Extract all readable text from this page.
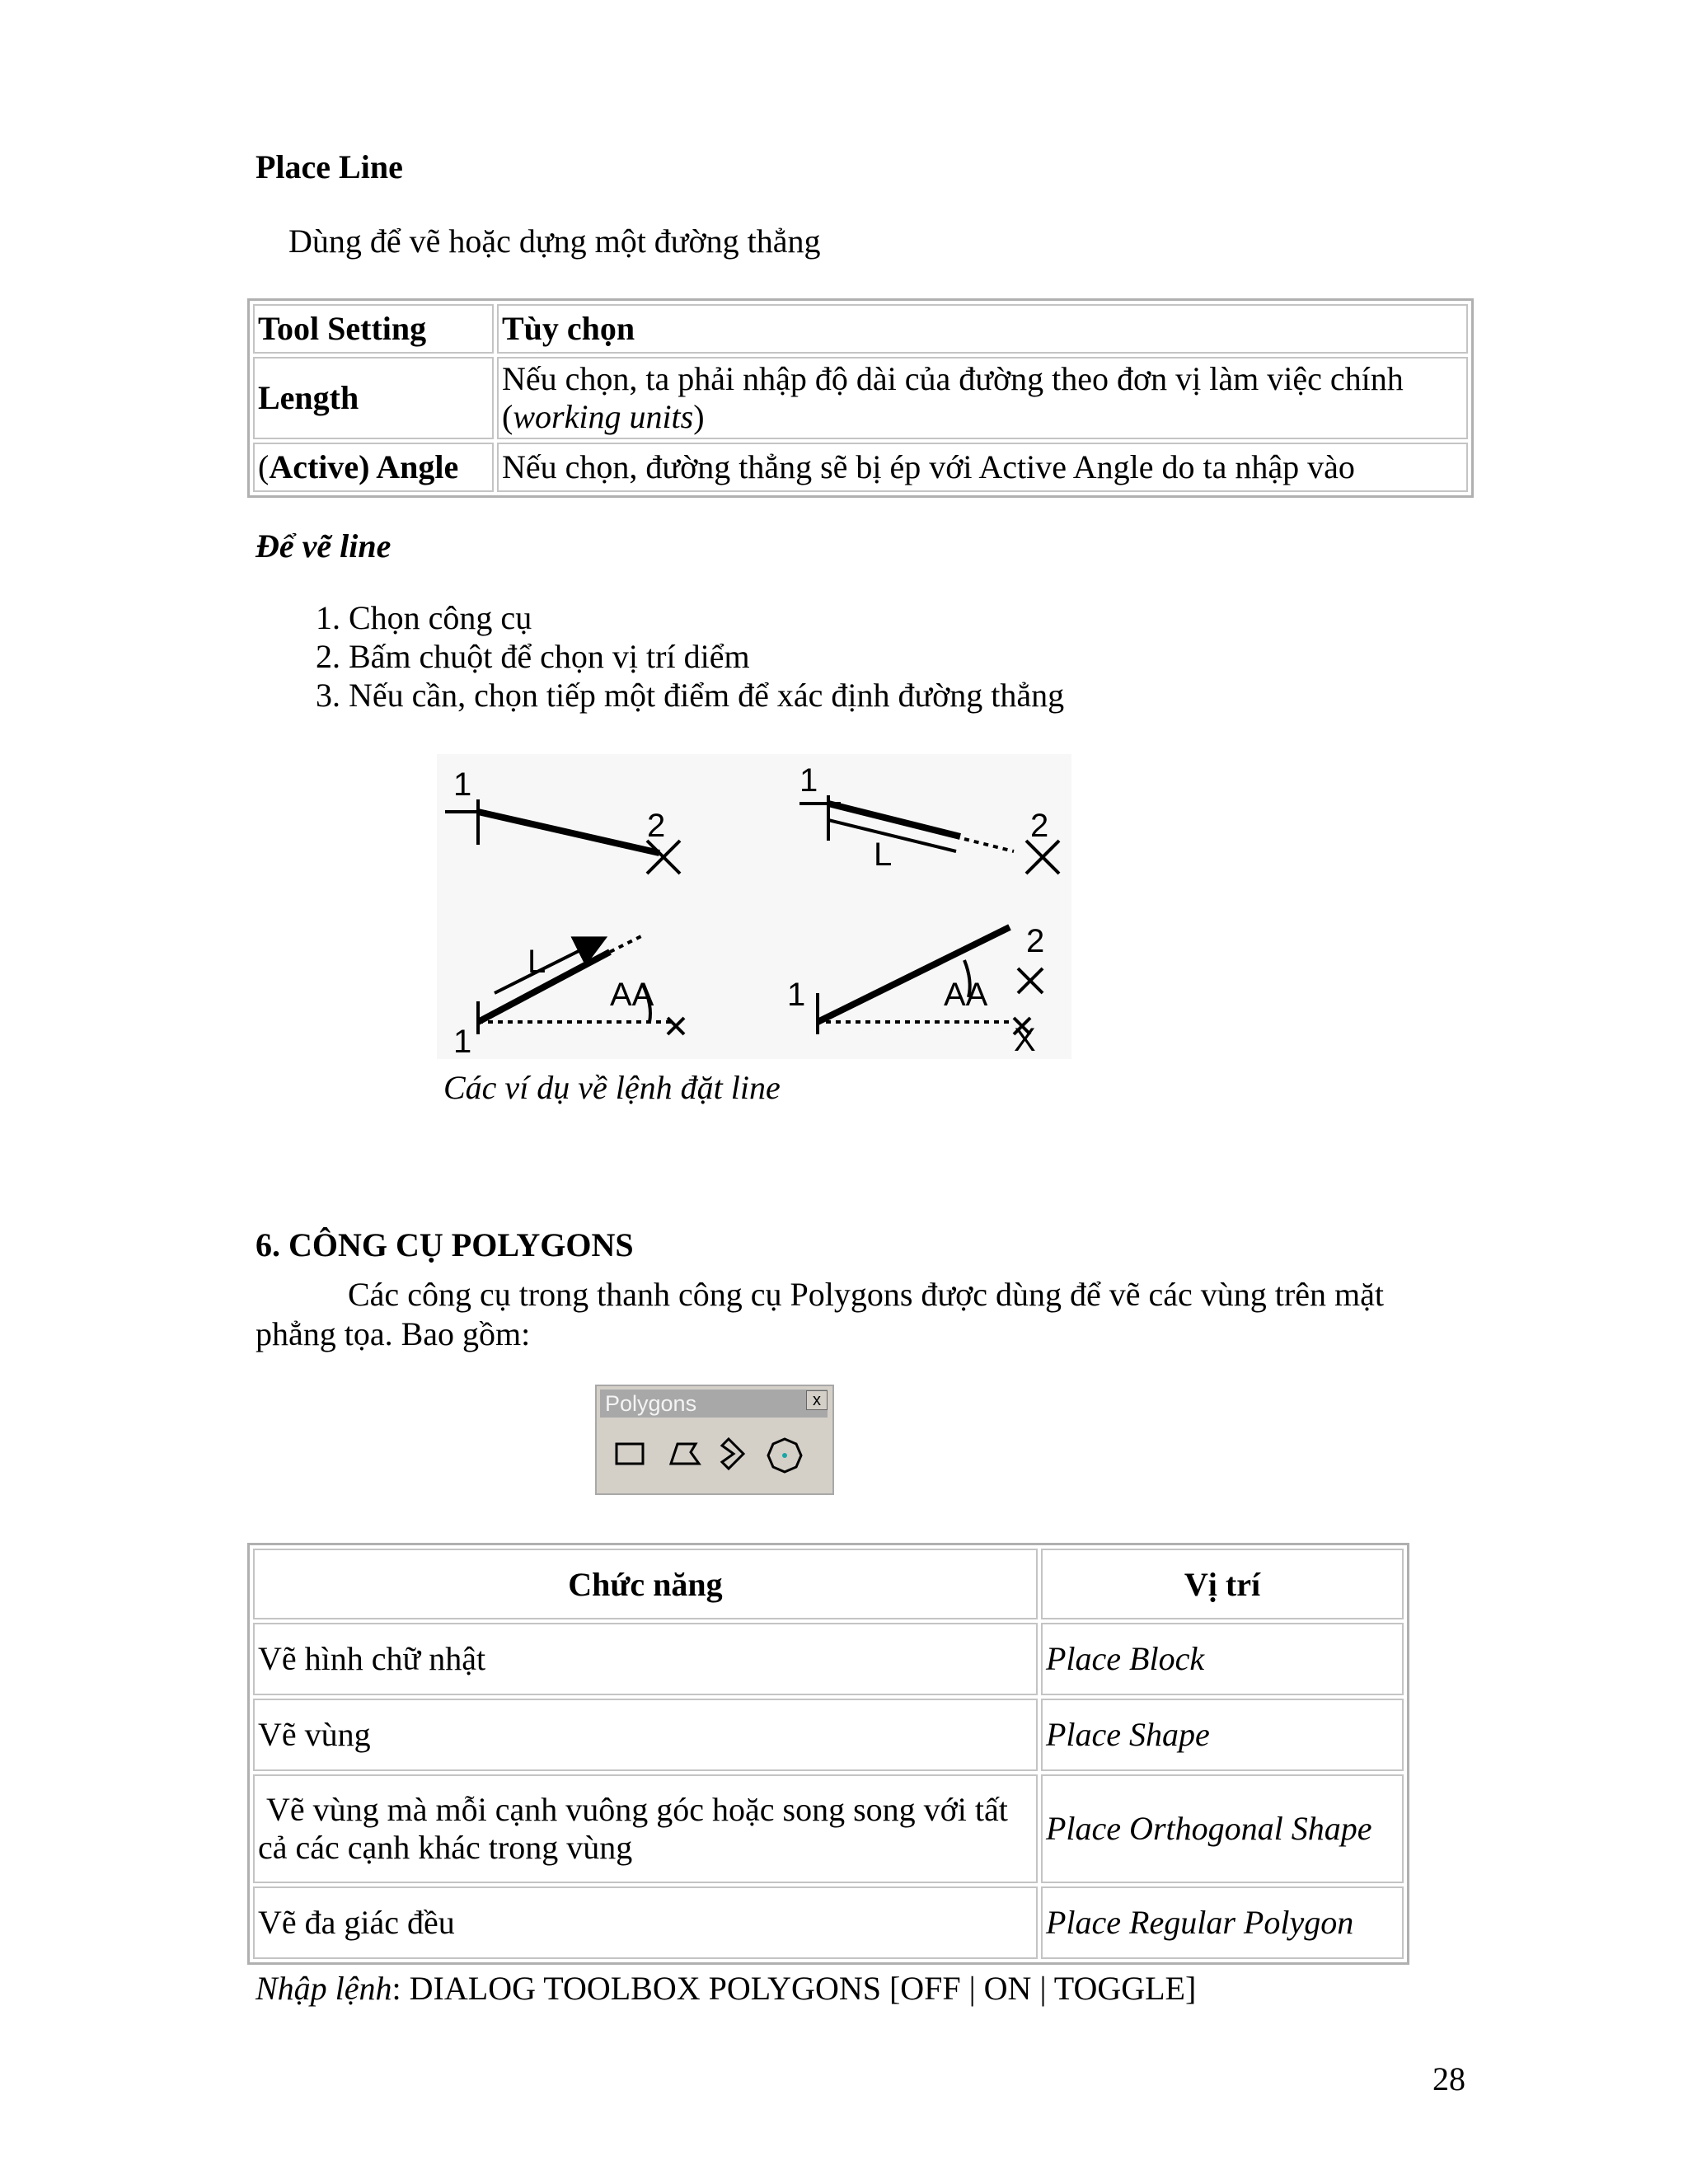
Place Line
Dùng để vẽ hoặc dựng một đường thẳng
Tool Setting	Tùy chọn
Length	Nếu chọn, ta phải nhập độ dài của đường theo đơn vị làm việc chính
(working units)
(Active) Angle	Nếu chọn, đường thẳng sẽ bị ép với Active Angle do ta nhập vào
Để vẽ line
1. Chọn công cụ
2. Bấm chuột để chọn vị trí diểm
3. Nếu cần, chọn tiếp một điểm để xác định đường thẳng
1
2
1
2
L
L
1
AA	1	AA
2
X
Các ví dụ về lệnh đặt line
6. CÔNG CỤ POLYGONS
Các công cụ trong thanh công cụ Polygons được dùng để vẽ các vùng trên mặt
phẳng tọa. Bao gồm:
Polygons	x
Chức năng	Vị trí
Vẽ hình chữ nhật	Place Block
Vẽ vùng	Place Shape
Vẽ vùng mà mỗi cạnh vuông góc hoặc song song với tất cả các cạnh khác trong vùng	Place Orthogonal Shape
Vẽ đa giác đều	Place Regular Polygon
Nhập lệnh: DIALOG TOOLBOX POLYGONS [OFF | ON | TOGGLE]
28
